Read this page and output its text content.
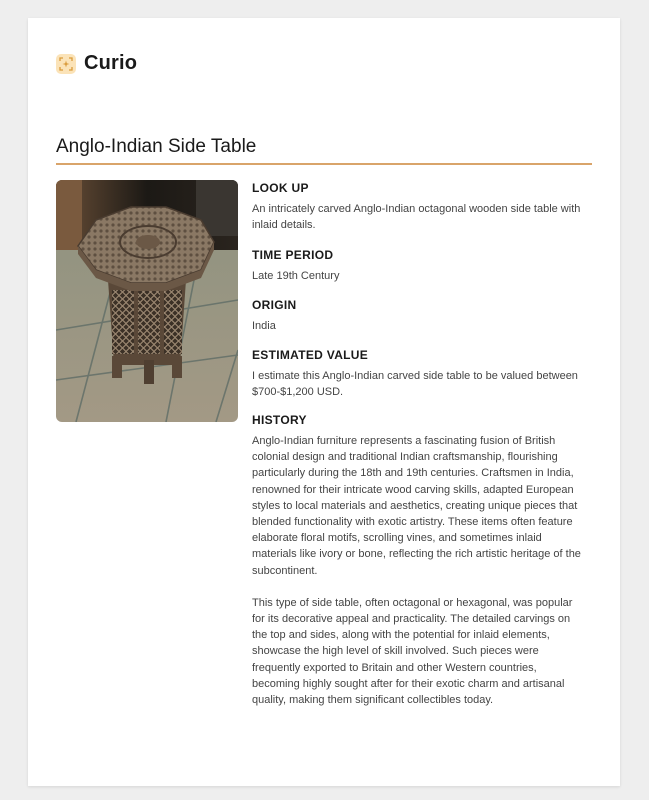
Curio
Anglo-Indian Side Table
LOOK UP

An intricately carved Anglo-Indian octagonal wooden side table with inlaid details.

TIME PERIOD

Late 19th Century

ORIGIN

India

ESTIMATED VALUE

I estimate this Anglo-Indian carved side table to be valued between $700-$1,200 USD.

HISTORY

Anglo-Indian furniture represents a fascinating fusion of British colonial design and traditional Indian craftsmanship, flourishing particularly during the 18th and 19th centuries. Craftsmen in India, renowned for their intricate wood carving skills, adapted European styles to local materials and aesthetics, creating unique pieces that blended functionality with exotic artistry. These items often feature elaborate floral motifs, scrolling vines, and sometimes inlaid materials like ivory or bone, reflecting the rich artistic heritage of the subcontinent.

This type of side table, often octagonal or hexagonal, was popular for its decorative appeal and practicality. The detailed carvings on the top and sides, along with the potential for inlaid elements, showcase the high level of skill involved. Such pieces were frequently exported to Britain and other Western countries, becoming highly sought after for their exotic charm and artisanal quality, making them significant collectibles today.
